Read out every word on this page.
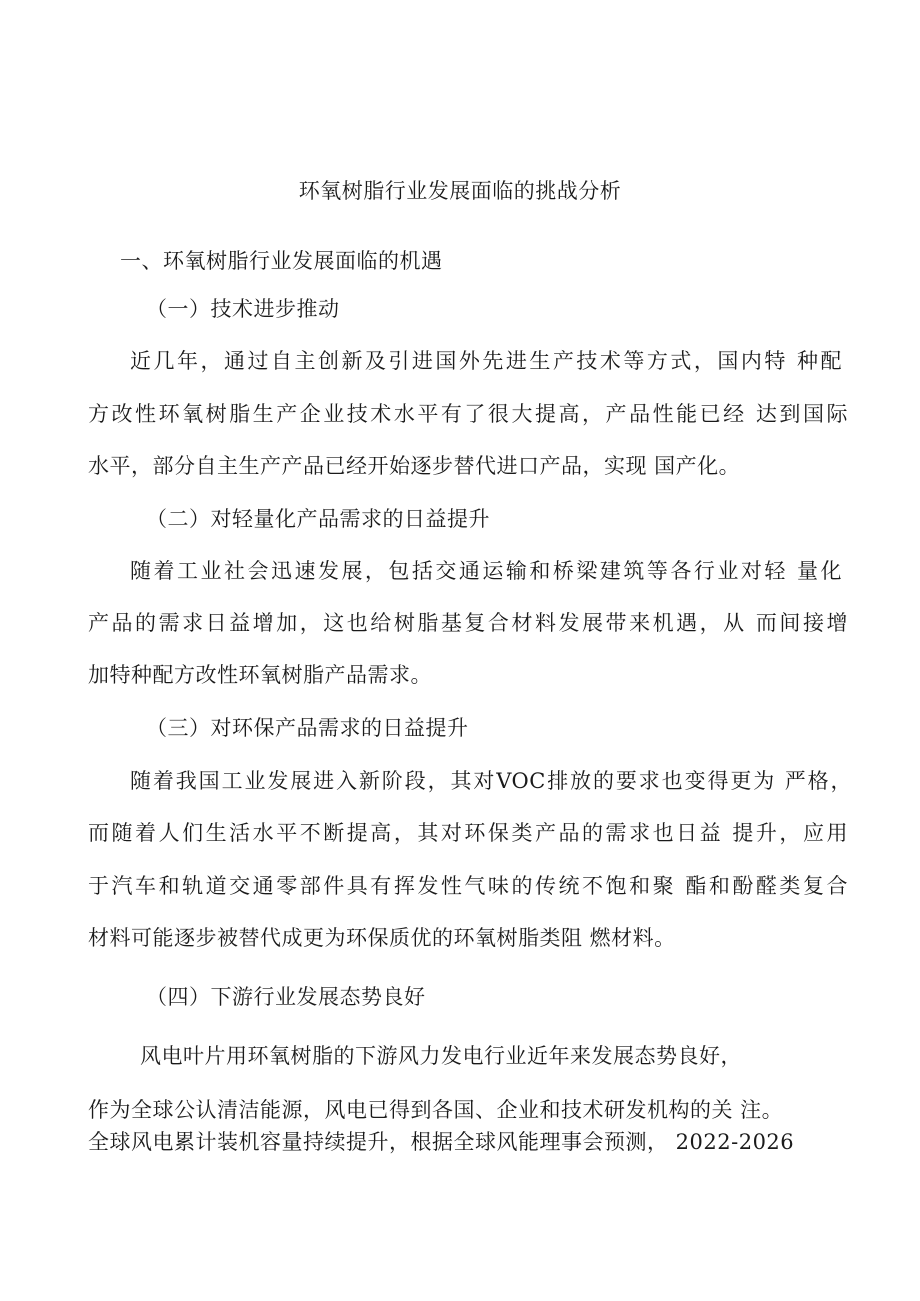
环氧树脂行业发展面临的挑战分析
一、环氧树脂行业发展面临的机遇
（一）技术进步推动
近几年，通过自主创新及引进国外先进生产技术等方式，国内特 种配
方改性环氧树脂生产企业技术水平有了很大提高，产品性能已经 达到国际
水平，部分自主生产产品已经开始逐步替代进口产品，实现 国产化。
（二）对轻量化产品需求的日益提升
随着工业社会迅速发展，包括交通运输和桥梁建筑等各行业对轻 量化
产品的需求日益增加，这也给树脂基复合材料发展带来机遇，从 而间接增
加特种配方改性环氧树脂产品需求。
（三）对环保产品需求的日益提升
随着我国工业发展进入新阶段，其对VOC排放的要求也变得更为 严格，
而随着人们生活水平不断提高，其对环保类产品的需求也日益 提升，应用
于汽车和轨道交通零部件具有挥发性气味的传统不饱和聚 酯和酚醛类复合
材料可能逐步被替代成更为环保质优的环氧树脂类阻 燃材料。
（四）下游行业发展态势良好
风电叶片用环氧树脂的下游风力发电行业近年来发展态势良好，
作为全球公认清洁能源，风电已得到各国、企业和技术研发机构的关 注。
全球风电累计装机容量持续提升，根据全球风能理事会预测， 2022-2026
